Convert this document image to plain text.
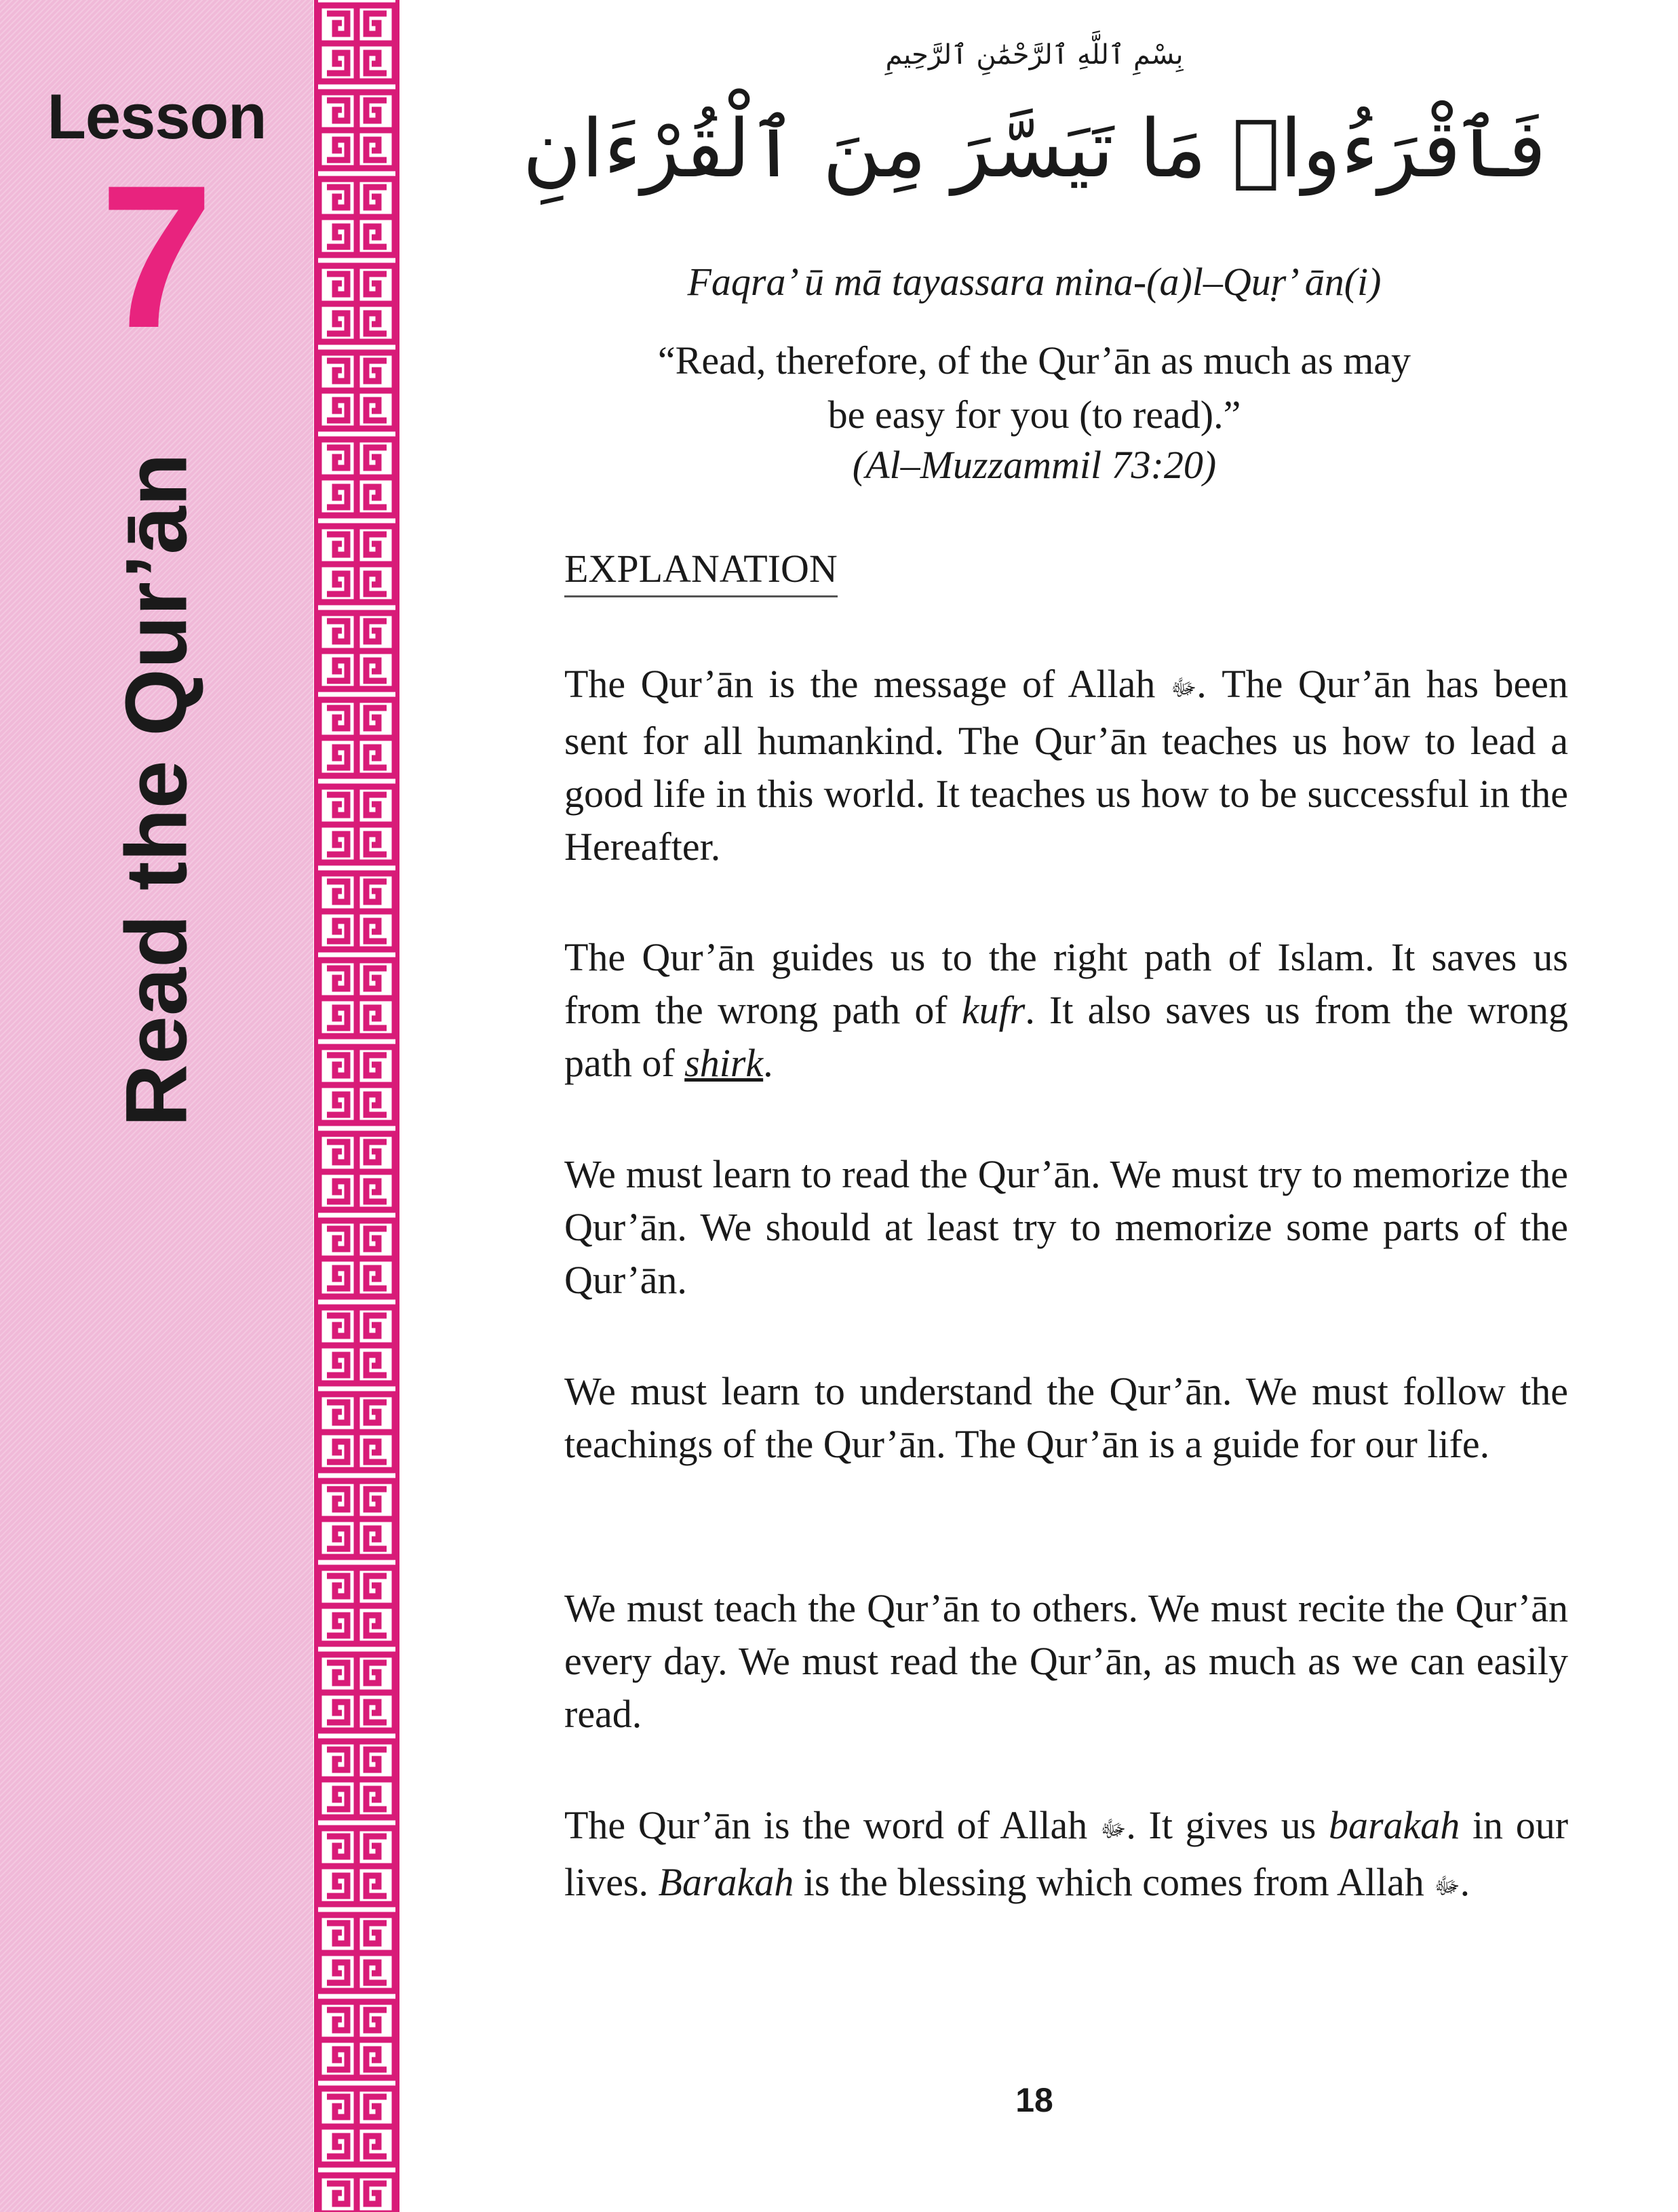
Lesson
7
Read the Qur’ān
بِسْمِ ٱللَّهِ ٱلرَّحْمَٰنِ ٱلرَّحِيمِ
فَٱقْرَءُوا۟ مَا تَيَسَّرَ مِنَ ٱلْقُرْءَانِ
Faqra’ ū mā tayassara mina-(a)l–Quṛ’ ān(i)
“Read, therefore, of the Qur’ān as much as may
be easy for you (to read).”
(Al–Muzzammil 73:20)
EXPLANATION
The Qur’ān is the message of Allah ﷻ. The Qur’ān has been sent for all humankind. The Qur’ān teaches us how to lead a good life in this world. It teaches us how to be successful in the Hereafter.
The Qur’ān guides us to the right path of Islam. It saves us from the wrong path of kufr. It also saves us from the wrong path of shirk.
We must learn to read the Qur’ān. We must try to memorize the Qur’ān. We should at least try to memorize some parts of the Qur’ān.
We must learn to understand the Qur’ān. We must follow the teachings of the Qur’ān. The Qur’ān is a guide for our life.
We must teach the Qur’ān to others. We must recite the Qur’ān every day. We must read the Qur’ān, as much as we can easily read.
The Qur’ān is the word of Allah ﷻ. It gives us barakah in our lives. Barakah is the blessing which comes from Allah ﷻ.
18
